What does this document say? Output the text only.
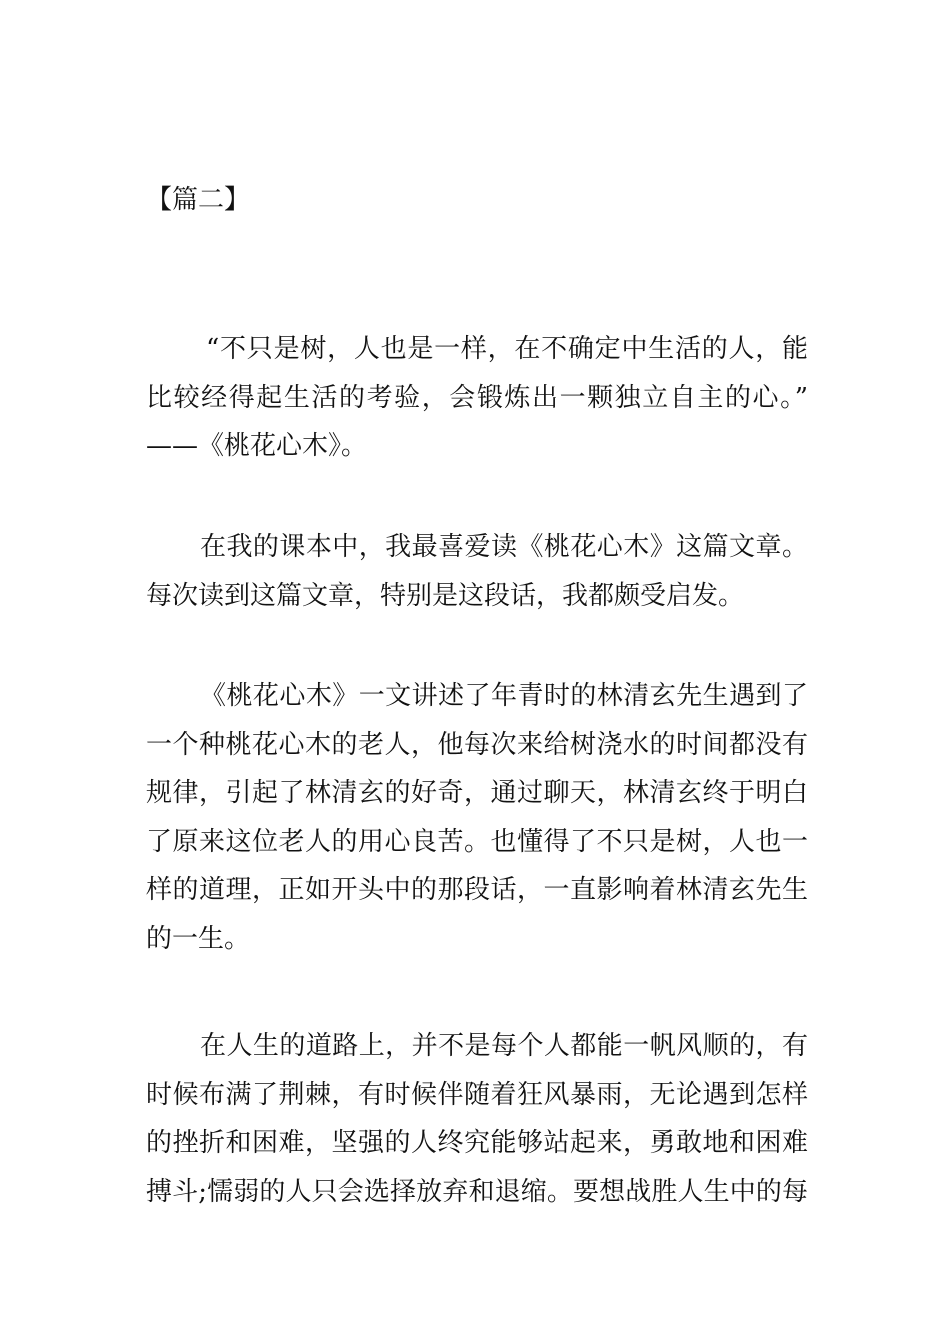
【篇二】

“不只是树，人也是一样，在不确定中生活的人，能
比较经得起生活的考验，会锻炼出一颗独立自主的心。”
——《桃花心木》。

在我的课本中，我最喜爱读《桃花心木》这篇文章。
每次读到这篇文章，特别是这段话，我都颇受启发。

《桃花心木》一文讲述了年青时的林清玄先生遇到了
一个种桃花心木的老人，他每次来给树浇水的时间都没有
规律，引起了林清玄的好奇，通过聊天，林清玄终于明白
了原来这位老人的用心良苦。也懂得了不只是树，人也一
样的道理，正如开头中的那段话，一直影响着林清玄先生
的一生。

在人生的道路上，并不是每个人都能一帆风顺的，有
时候布满了荆棘，有时候伴随着狂风暴雨，无论遇到怎样
的挫折和困难，坚强的人终究能够站起来，勇敢地和困难
搏斗;懦弱的人只会选择放弃和退缩。要想战胜人生中的每
